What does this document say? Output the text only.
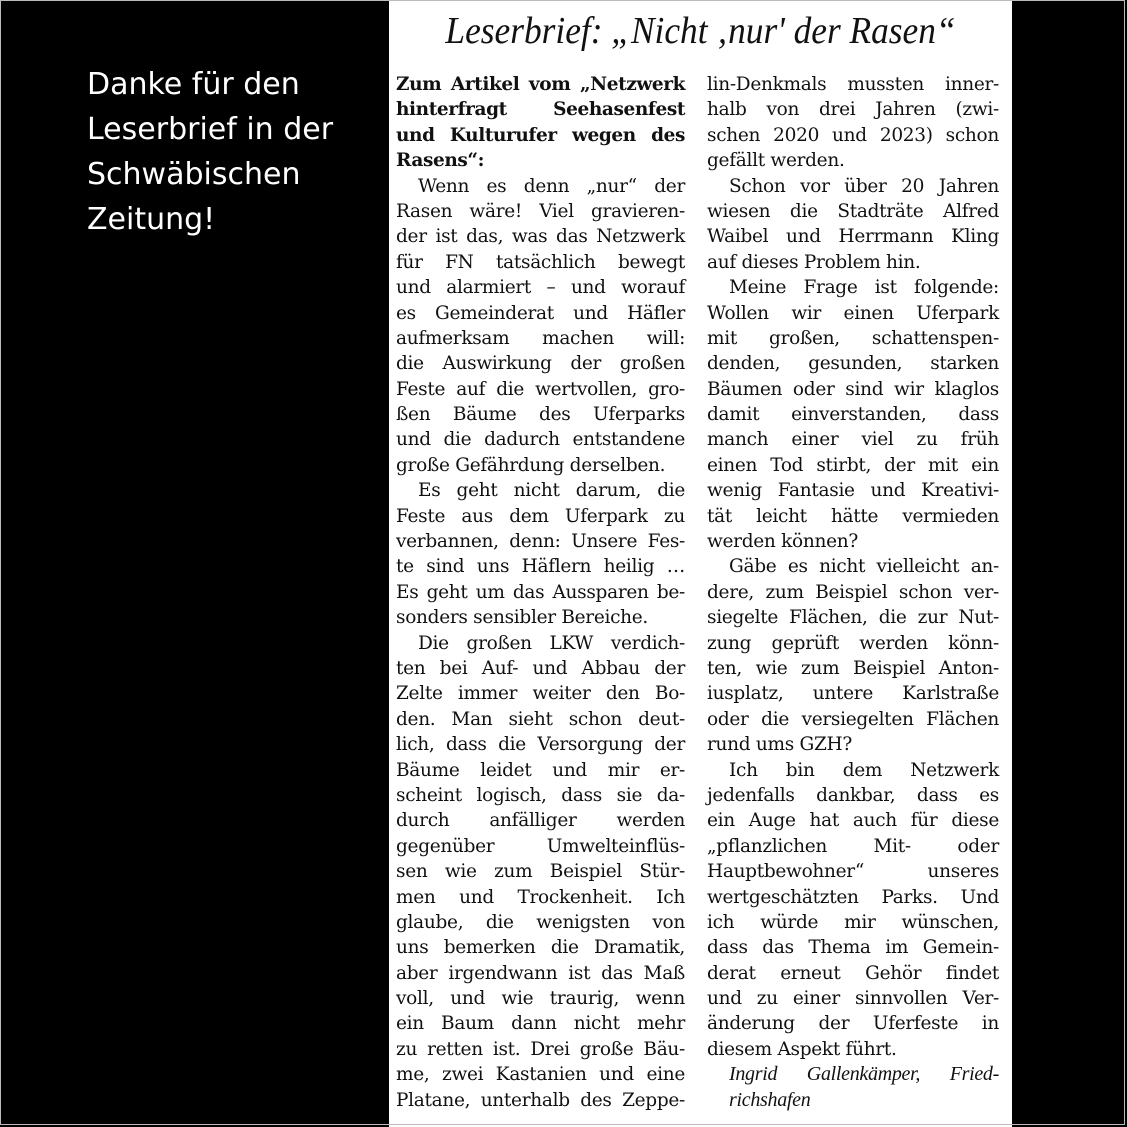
Danke für den
Leserbrief in der
Schwäbischen
Zeitung!
Leserbrief: „Nicht ‚nur' der Rasen“
Zum Artikel vom „Netzwerk
hinterfragt Seehasenfest
und Kulturufer wegen des
Rasens“:
Wenn es denn „nur“ der
Rasen wäre! Viel gravieren-
der ist das, was das Netzwerk
für FN tatsächlich bewegt
und alarmiert – und worauf
es Gemeinderat und Häfler
aufmerksam machen will:
die Auswirkung der großen
Feste auf die wertvollen, gro-
ßen Bäume des Uferparks
und die dadurch entstandene
große Gefährdung derselben.
Es geht nicht darum, die
Feste aus dem Uferpark zu
verbannen, denn: Unsere Fes-
te sind uns Häflern heilig …
Es geht um das Aussparen be-
sonders sensibler Bereiche.
Die großen LKW verdich-
ten bei Auf- und Abbau der
Zelte immer weiter den Bo-
den. Man sieht schon deut-
lich, dass die Versorgung der
Bäume leidet und mir er-
scheint logisch, dass sie da-
durch anfälliger werden
gegenüber Umwelteinflüs-
sen wie zum Beispiel Stür-
men und Trockenheit. Ich
glaube, die wenigsten von
uns bemerken die Dramatik,
aber irgendwann ist das Maß
voll, und wie traurig, wenn
ein Baum dann nicht mehr
zu retten ist. Drei große Bäu-
me, zwei Kastanien und eine
Platane, unterhalb des Zeppe-
lin-Denkmals mussten inner-
halb von drei Jahren (zwi-
schen 2020 und 2023) schon
gefällt werden.
Schon vor über 20 Jahren
wiesen die Stadträte Alfred
Waibel und Herrmann Kling
auf dieses Problem hin.
Meine Frage ist folgende:
Wollen wir einen Uferpark
mit großen, schattenspen-
denden, gesunden, starken
Bäumen oder sind wir klaglos
damit einverstanden, dass
manch einer viel zu früh
einen Tod stirbt, der mit ein
wenig Fantasie und Kreativi-
tät leicht hätte vermieden
werden können?
Gäbe es nicht vielleicht an-
dere, zum Beispiel schon ver-
siegelte Flächen, die zur Nut-
zung geprüft werden könn-
ten, wie zum Beispiel Anton-
iusplatz, untere Karlstraße
oder die versiegelten Flächen
rund ums GZH?
Ich bin dem Netzwerk
jedenfalls dankbar, dass es
ein Auge hat auch für diese
„pflanzlichen Mit- oder
Hauptbewohner“ unseres
wertgeschätzten Parks. Und
ich würde mir wünschen,
dass das Thema im Gemein-
derat erneut Gehör findet
und zu einer sinnvollen Ver-
änderung der Uferfeste in
diesem Aspekt führt.
Ingrid Gallenkämper, Fried-
richshafen
